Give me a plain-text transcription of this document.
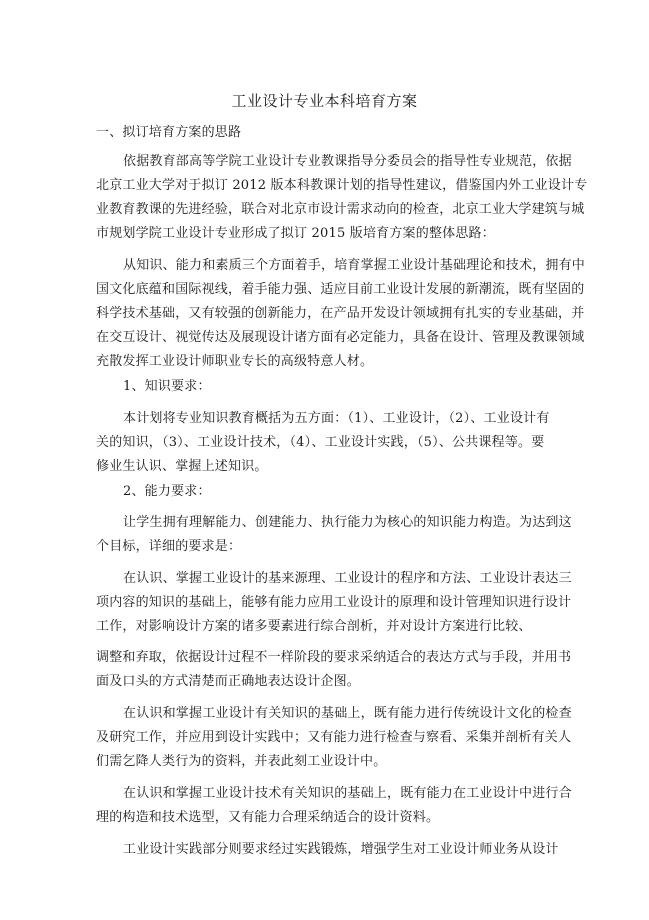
工业设计专业本科培育方案
一、拟订培育方案的思路
依据教育部高等学院工业设计专业教课指导分委员会的指导性专业规范，依据
北京工业大学对于拟订 2012 版本科教课计划的指导性建议，借鉴国内外工业设计专
业教育教课的先进经验，联合对北京市设计需求动向的检查，北京工业大学建筑与城
市规划学院工业设计专业形成了拟订 2015 版培育方案的整体思路：
从知识、能力和素质三个方面着手，培育掌握工业设计基础理论和技术，拥有中
国文化底蕴和国际视线，着手能力强、适应目前工业设计发展的新潮流，既有坚固的
科学技术基础，又有较强的创新能力，在产品开发设计领域拥有扎实的专业基础，并
在交互设计、视觉传达及展现设计诸方面有必定能力，具备在设计、管理及教课领域
充散发挥工业设计师职业专长的高级特意人材。
1、知识要求：
本计划将专业知识教育概括为五方面：（1）、工业设计，（2）、工业设计有
关的知识，（3）、工业设计技术，（4）、工业设计实践，（5）、公共课程等。要
修业生认识、掌握上述知识。
2、能力要求：
让学生拥有理解能力、创建能力、执行能力为核心的知识能力构造。为达到这
个目标，详细的要求是：
在认识、掌握工业设计的基来源理、工业设计的程序和方法、工业设计表达三
项内容的知识的基础上，能够有能力应用工业设计的原理和设计管理知识进行设计
工作，对影响设计方案的诸多要素进行综合剖析，并对设计方案进行比较、
调整和弃取，依据设计过程不一样阶段的要求采纳适合的表达方式与手段，并用书
面及口头的方式清楚而正确地表达设计企图。
在认识和掌握工业设计有关知识的基础上，既有能力进行传统设计文化的检查
及研究工作，并应用到设计实践中；又有能力进行检查与察看、采集并剖析有关人
们需乞降人类行为的资料，并表此刻工业设计中。
在认识和掌握工业设计技术有关知识的基础上，既有能力在工业设计中进行合
理的构造和技术选型，又有能力合理采纳适合的设计资料。
工业设计实践部分则要求经过实践锻炼，增强学生对工业设计师业务从设计
